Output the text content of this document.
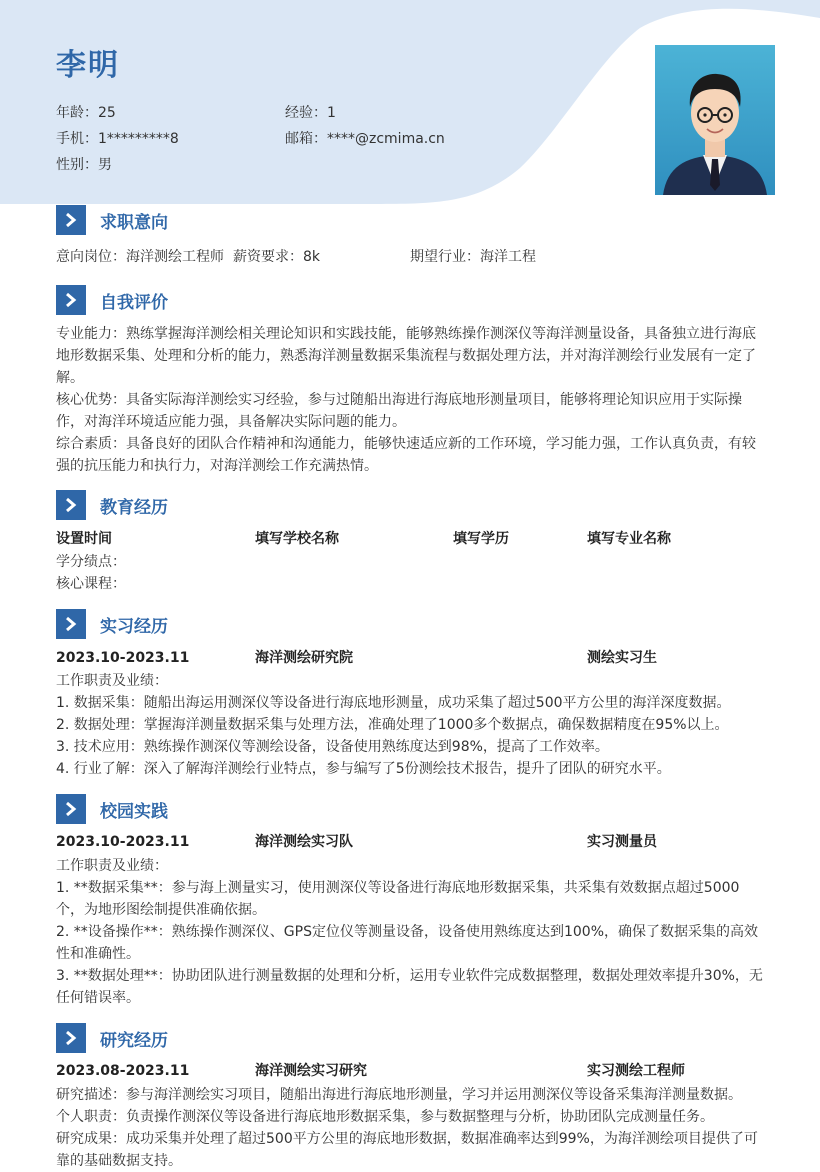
李明
年龄：25	经验：1
手机：1*********8	邮箱：****@zcmima.cn
性别：男
求职意向
意向岗位：海洋测绘工程师 薪资要求：8k	期望行业：海洋工程
自我评价

专业能力：熟练掌握海洋测绘相关理论知识和实践技能，能够熟练操作测深仪等海洋测量设备，具备独立进行海底地形数据采集、处理和分析的能力，熟悉海洋测量数据采集流程与数据处理方法，并对海洋测绘行业发展有一定了解。

核心优势：具备实际海洋测绘实习经验，参与过随船出海进行海底地形测量项目，能够将理论知识应用于实际操作，对海洋环境适应能力强，具备解决实际问题的能力。

综合素质：具备良好的团队合作精神和沟通能力，能够快速适应新的工作环境，学习能力强，工作认真负责，有较强的抗压能力和执行力，对海洋测绘工作充满热情。

教育经历
设置时间	填写学校名称	填写学历	填写专业名称
学分绩点：
核心课程：
实习经历
2023.10-2023.11	海洋测绘研究院	测绘实习生
工作职责及业绩：
1. 数据采集：随船出海运用测深仪等设备进行海底地形测量，成功采集了超过500平方公里的海洋深度数据。
2. 数据处理：掌握海洋测量数据采集与处理方法，准确处理了1000多个数据点，确保数据精度在95%以上。
3. 技术应用：熟练操作测深仪等测绘设备，设备使用熟练度达到98%，提高了工作效率。
4. 行业了解：深入了解海洋测绘行业特点，参与编写了5份测绘技术报告，提升了团队的研究水平。
校园实践
2023.10-2023.11	海洋测绘实习队	实习测量员
工作职责及业绩：

1. **数据采集**：参与海上测量实习，使用测深仪等设备进行海底地形数据采集，共采集有效数据点超过5000个，为地形图绘制提供准确依据。

2. **设备操作**：熟练操作测深仪、GPS定位仪等测量设备，设备使用熟练度达到100%，确保了数据采集的高效性和准确性。

3. **数据处理**：协助团队进行测量数据的处理和分析，运用专业软件完成数据整理，数据处理效率提升30%，无任何错误率。

研究经历
2023.08-2023.11	海洋测绘实习研究	实习测绘工程师
研究描述：参与海洋测绘实习项目，随船出海进行海底地形测量，学习并运用测深仪等设备采集海洋测量数据。
个人职责：负责操作测深仪等设备进行海底地形数据采集，参与数据整理与分析，协助团队完成测量任务。

研究成果：成功采集并处理了超过500平方公里的海底地形数据，数据准确率达到99%，为海洋测绘项目提供了可靠的基础数据支持。
